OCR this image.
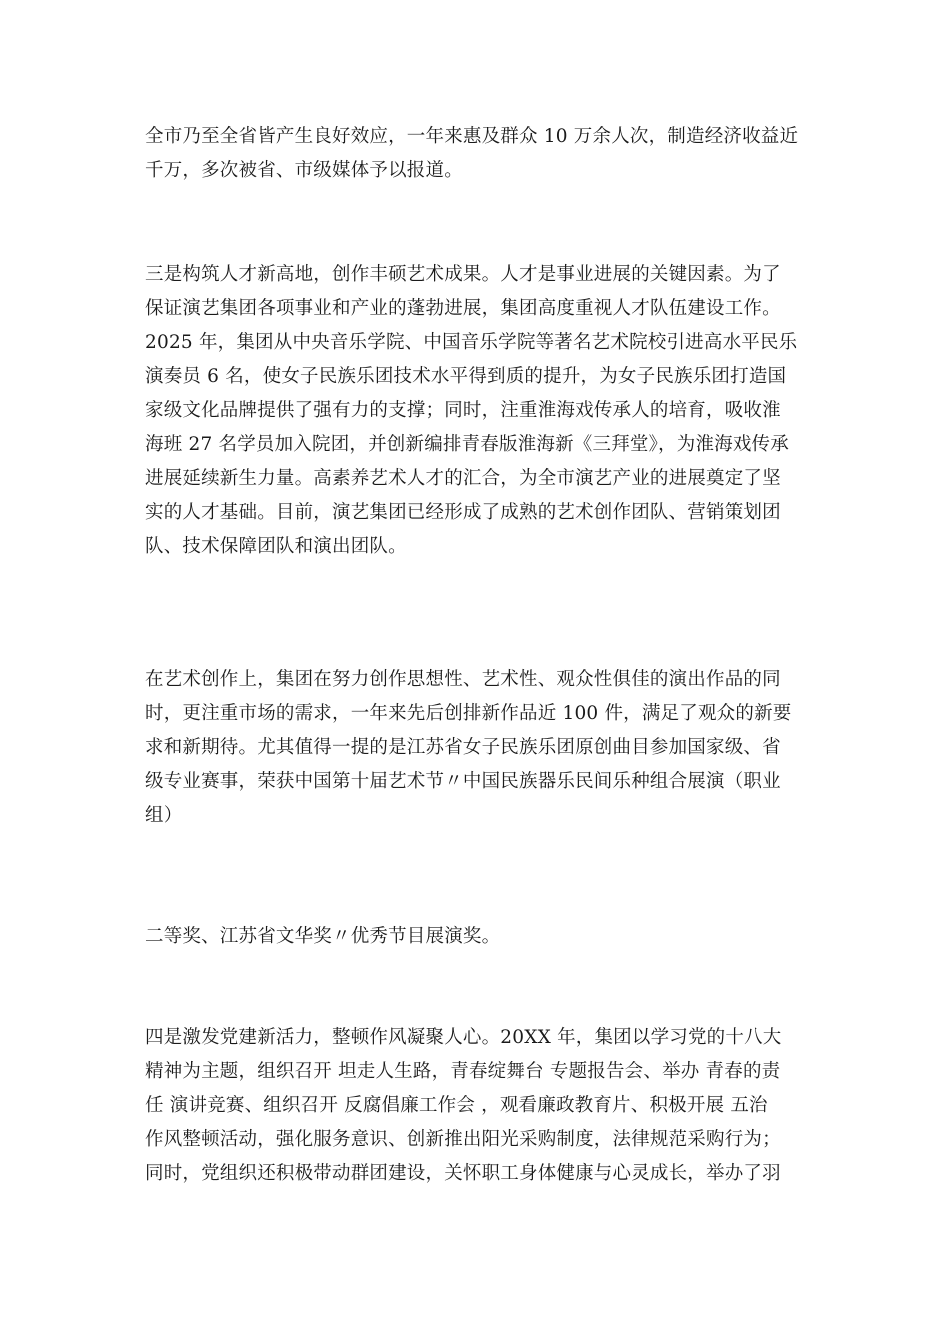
全市乃至全省皆产生良好效应，一年来惠及群众 10 万余人次，制造经济收益近
千万，多次被省、市级媒体予以报道。
三是构筑人才新高地，创作丰硕艺术成果。人才是事业进展的关键因素。为了
保证演艺集团各项事业和产业的蓬勃进展，集团高度重视人才队伍建设工作。
2025 年，集团从中央音乐学院、中国音乐学院等著名艺术院校引进高水平民乐
演奏员 6 名，使女子民族乐团技术水平得到质的提升，为女子民族乐团打造国
家级文化品牌提供了强有力的支撑；同时，注重淮海戏传承人的培育，吸收淮
海班 27 名学员加入院团，并创新编排青春版淮海新《三拜堂》，为淮海戏传承
进展延续新生力量。高素养艺术人才的汇合，为全市演艺产业的进展奠定了坚
实的人才基础。目前，演艺集团已经形成了成熟的艺术创作团队、营销策划团
队、技术保障团队和演出团队。
在艺术创作上，集团在努力创作思想性、艺术性、观众性俱佳的演出作品的同
时，更注重市场的需求，一年来先后创排新作品近 100 件，满足了观众的新要
求和新期待。尤其值得一提的是江苏省女子民族乐团原创曲目参加国家级、省
级专业赛事，荣获中国第十届艺术节〃中国民族器乐民间乐种组合展演（职业
组）
二等奖、江苏省文华奖〃优秀节目展演奖。
四是激发党建新活力，整顿作风凝聚人心。20XX 年，集团以学习党的十八大
精神为主题，组织召开 坦走人生路，青春绽舞台 专题报告会、举办 青春的责
任 演讲竞赛、组织召开 反腐倡廉工作会 ，观看廉政教育片、积极开展 五治
作风整顿活动，强化服务意识、创新推出阳光采购制度，法律规范采购行为；
同时，党组织还积极带动群团建设，关怀职工身体健康与心灵成长，举办了羽
